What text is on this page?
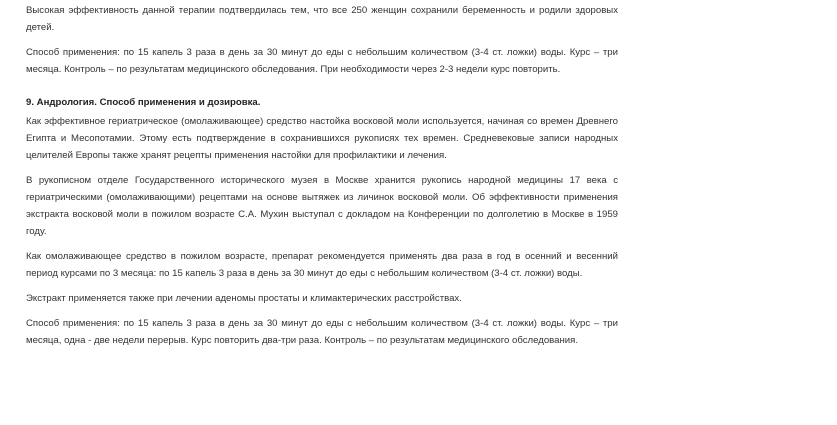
Высокая эффективность данной терапии подтвердилась тем, что все 250 женщин сохранили беременность и родили здоровых детей.

Способ применения: по 15 капель 3 раза в день за 30 минут до еды с небольшим количеством (3-4 ст. ложки) воды. Курс – три месяца. Контроль – по результатам медицинского обследования. При необходимости через 2-3 недели курс повторить.

9. Андрология. Способ применения и дозировка.

Как эффективное гериатрическое (омолаживающее) средство настойка восковой моли используется, начиная со времен Древнего Египта и Месопотамии. Этому есть подтверждение в сохранившихся рукописях тех времен. Средневековые записи народных целителей Европы также хранят рецепты применения настойки для профилактики и лечения.

В рукописном отделе Государственного исторического музея в Москве хранится рукопись народной медицины 17 века с гериатрическими (омолаживающими) рецептами на основе вытяжек из личинок восковой моли. Об эффективности применения экстракта восковой моли в пожилом возрасте С.А. Мухин выступал с докладом на Конференции по долголетию в Москве в 1959 году.

Как омолаживающее средство в пожилом возрасте, препарат рекомендуется применять два раза в год в осенний и весенний период курсами по 3 месяца: по 15 капель 3 раза в день за 30 минут до еды с небольшим количеством (3-4 ст. ложки) воды.

Экстракт применяется также при лечении аденомы простаты и климактерических расстройствах.

Способ применения: по 15 капель 3 раза в день за 30 минут до еды с небольшим количеством (3-4 ст. ложки) воды. Курс – три месяца, одна - две недели перерыв. Курс повторить два-три раза. Контроль – по результатам медицинского обследования.
